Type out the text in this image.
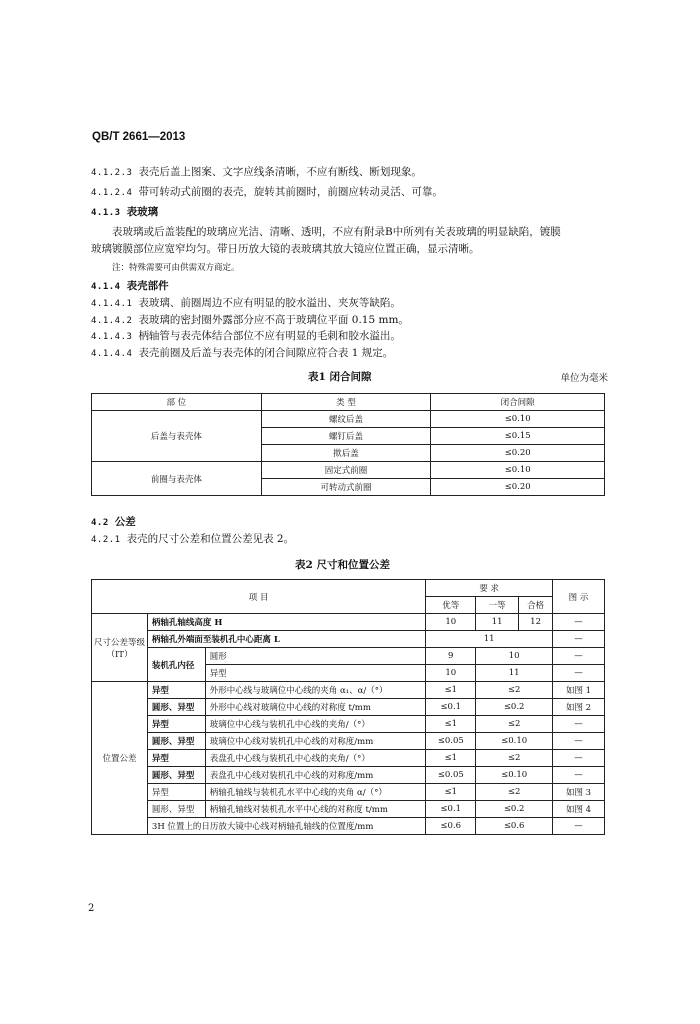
QB/T 2661—2013
4.1.2.3 表壳后盖上图案、文字应线条清晰，不应有断线、断划现象。
4.1.2.4 带可转动式前圈的表壳，旋转其前圈时，前圈应转动灵活、可靠。
4.1.3 表玻璃
表玻璃或后盖装配的玻璃应光洁、清晰、透明，不应有附录B中所列有关表玻璃的明显缺陷，镀膜
玻璃镀膜部位应宽窄均匀。带日历放大镜的表玻璃其放大镜应位置正确，显示清晰。
注：特殊需要可由供需双方商定。
4.1.4 表壳部件
4.1.4.1 表玻璃、前圈周边不应有明显的胶水溢出、夹灰等缺陷。
4.1.4.2 表玻璃的密封圈外露部分应不高于玻璃位平面 0.15 mm。
4.1.4.3 柄轴管与表壳体结合部位不应有明显的毛刺和胶水溢出。
4.1.4.4 表壳前圈及后盖与表壳体的闭合间隙应符合表 1 规定。
表1 闭合间隙	单位为毫米
部 位	类 型	闭合间隙
后盖与表壳体	螺纹后盖	≤0.10
	螺钉后盖	≤0.15
	揿后盖	≤0.20
前圈与表壳体	固定式前圈	≤0.10
	可转动式前圈	≤0.20
4.2 公差
4.2.1 表壳的尺寸公差和位置公差见表 2。
表2 尺寸和位置公差
项 目			要 求			图 示
			优等	一等	合格	
尺寸公差等级（IT）	柄轴孔轴线高度 H		10	11	12	—
	柄轴孔外端面至装机孔中心距离 L		11			—
	装机孔内径	圆形	9	10		—
		异型	10	11		—
位置公差	异型	外形中心线与玻璃位中心线的夹角 α₁、α/（°）	≤1	≤2		如图 1
	圆形、异型	外形中心线对玻璃位中心线的对称度 t/mm	≤0.1	≤0.2		如图 2
	异型	玻璃位中心线与装机孔中心线的夹角/（°）	≤1	≤2		—
	圆形、异型	玻璃位中心线对装机孔中心线的对称度/mm	≤0.05	≤0.10		—
	异型	表盘孔中心线与装机孔中心线的夹角/（°）	≤1	≤2		—
	圆形、异型	表盘孔中心线对装机孔中心线的对称度/mm	≤0.05	≤0.10		—
	异型	柄轴孔轴线与装机孔水平中心线的夹角 α/（°）	≤1	≤2		如图 3
	圆形、异型	柄轴孔轴线对装机孔水平中心线的对称度 t/mm	≤0.1	≤0.2		如图 4
	3H 位置上的日历放大镜中心线对柄轴孔轴线的位置度/mm		≤0.6	≤0.6		—
2
